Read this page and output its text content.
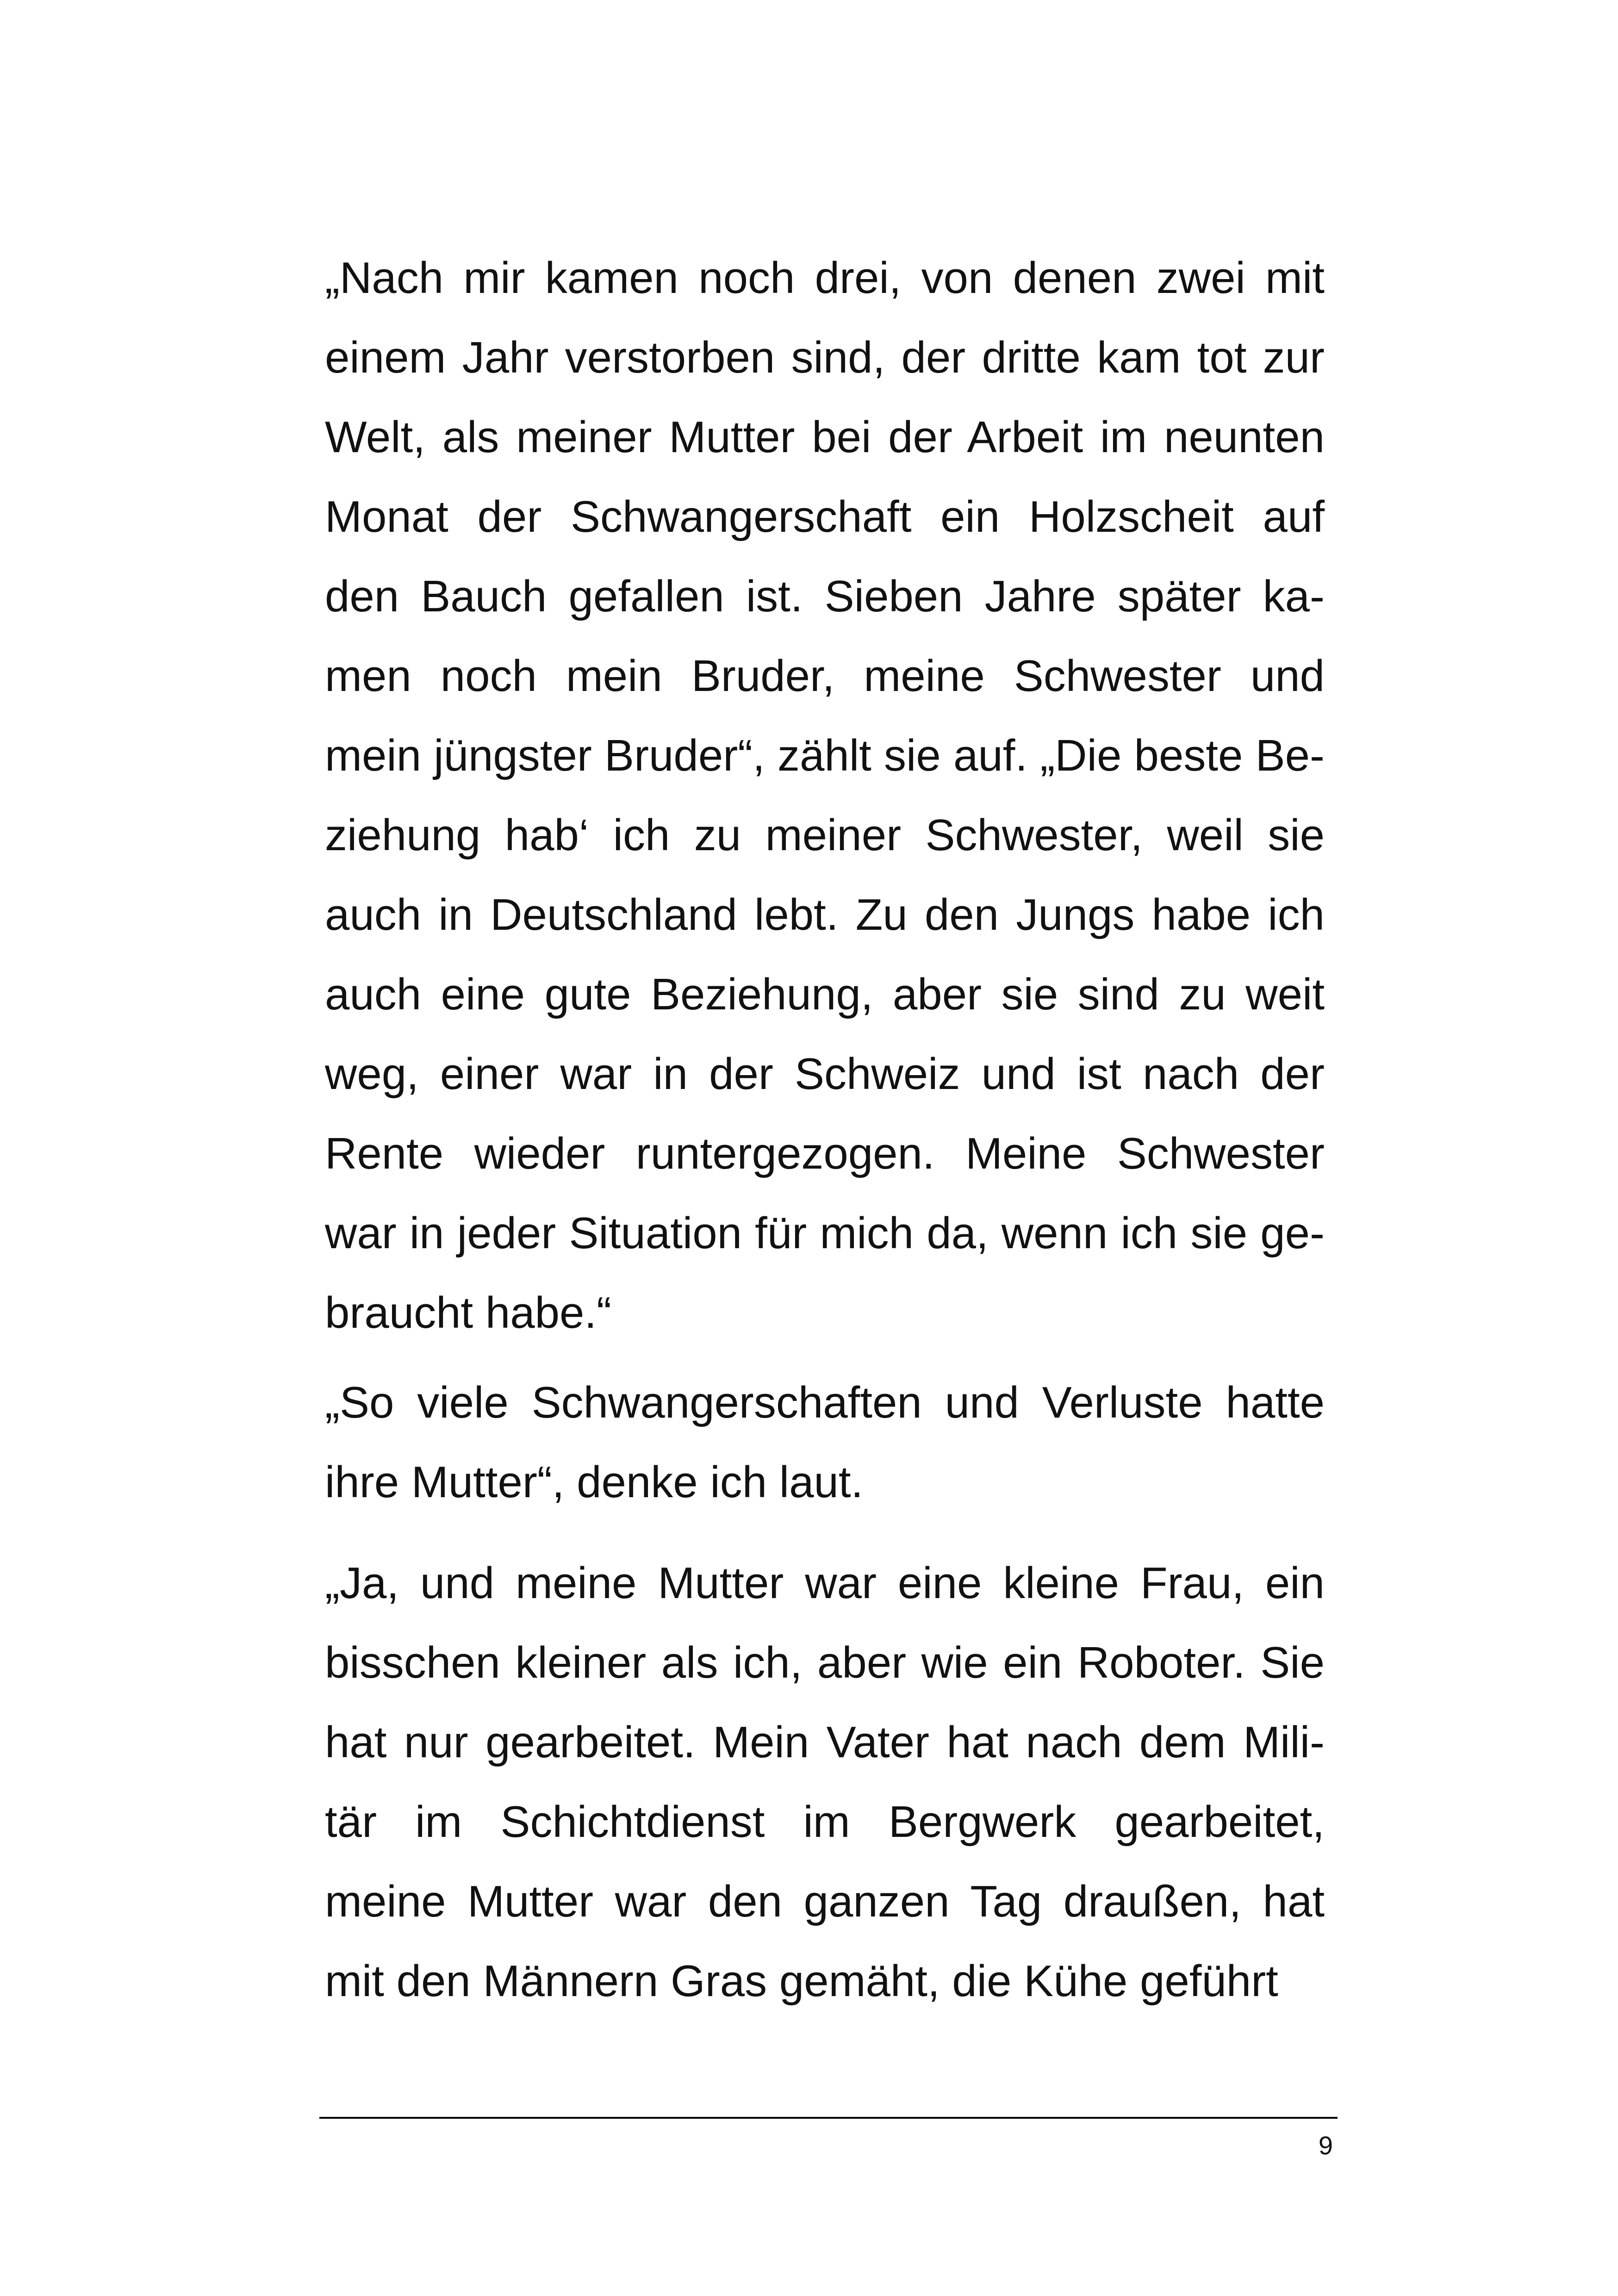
„Nach mir kamen noch drei, von denen zwei mit
einem Jahr verstorben sind, der dritte kam tot zur
Welt, als meiner Mutter bei der Arbeit im neunten
Monat der Schwangerschaft ein Holzscheit auf
den Bauch gefallen ist. Sieben Jahre später ka-
men noch mein Bruder, meine Schwester und
mein jüngster Bruder“, zählt sie auf. „Die beste Be-
ziehung hab‘ ich zu meiner Schwester, weil sie
auch in Deutschland lebt. Zu den Jungs habe ich
auch eine gute Beziehung, aber sie sind zu weit
weg, einer war in der Schweiz und ist nach der
Rente wieder runtergezogen. Meine Schwester
war in jeder Situation für mich da, wenn ich sie ge-
braucht habe.“
„So viele Schwangerschaften und Verluste hatte
ihre Mutter“, denke ich laut.
„Ja, und meine Mutter war eine kleine Frau, ein
bisschen kleiner als ich, aber wie ein Roboter. Sie
hat nur gearbeitet. Mein Vater hat nach dem Mili-
tär im Schichtdienst im Bergwerk gearbeitet,
meine Mutter war den ganzen Tag draußen, hat
mit den Männern Gras gemäht, die Kühe geführt
9
